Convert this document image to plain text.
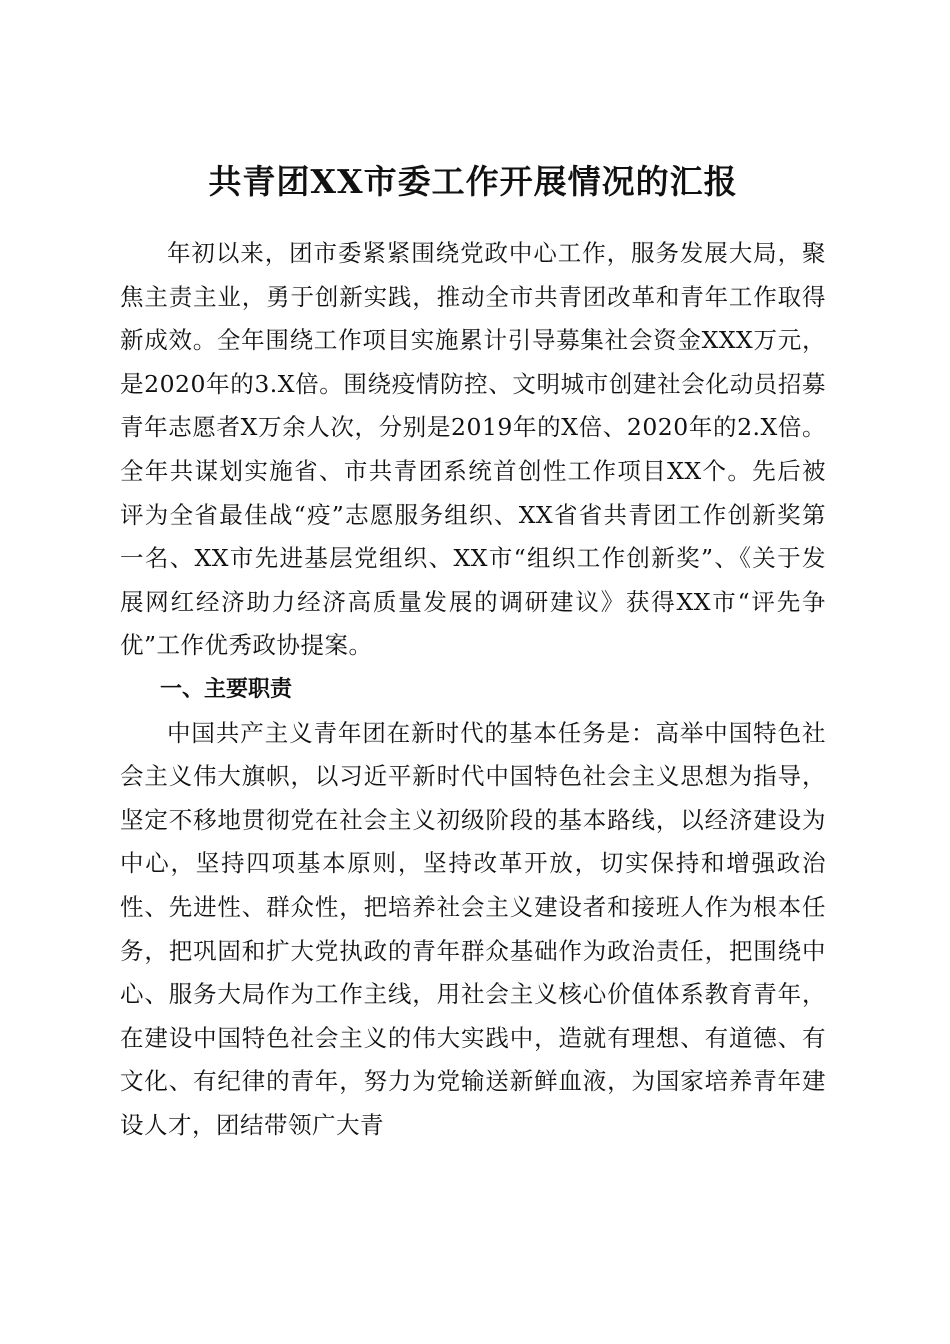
共青团XX市委工作开展情况的汇报

年初以来，团市委紧紧围绕党政中心工作，服务发展大局，聚焦主责主业，勇于创新实践，推动全市共青团改革和青年工作取得新成效。全年围绕工作项目实施累计引导募集社会资金XXX万元，是2020年的3.X倍。围绕疫情防控、文明城市创建社会化动员招募青年志愿者X万余人次，分别是2019年的X倍、2020年的2.X倍。全年共谋划实施省、市共青团系统首创性工作项目XX个。先后被评为全省最佳战“疫”志愿服务组织、XX省省共青团工作创新奖第一名、XX市先进基层党组织、XX市“组织工作创新奖”、《关于发展网红经济助力经济高质量发展的调研建议》获得XX市“评先争优”工作优秀政协提案。

一、主要职责

中国共产主义青年团在新时代的基本任务是：高举中国特色社会主义伟大旗帜，以习近平新时代中国特色社会主义思想为指导，坚定不移地贯彻党在社会主义初级阶段的基本路线，以经济建设为中心，坚持四项基本原则，坚持改革开放，切实保持和增强政治性、先进性、群众性，把培养社会主义建设者和接班人作为根本任务，把巩固和扩大党执政的青年群众基础作为政治责任，把围绕中心、服务大局作为工作主线，用社会主义核心价值体系教育青年，在建设中国特色社会主义的伟大实践中，造就有理想、有道德、有文化、有纪律的青年，努力为党输送新鲜血液，为国家培养青年建设人才，团结带领广大青
